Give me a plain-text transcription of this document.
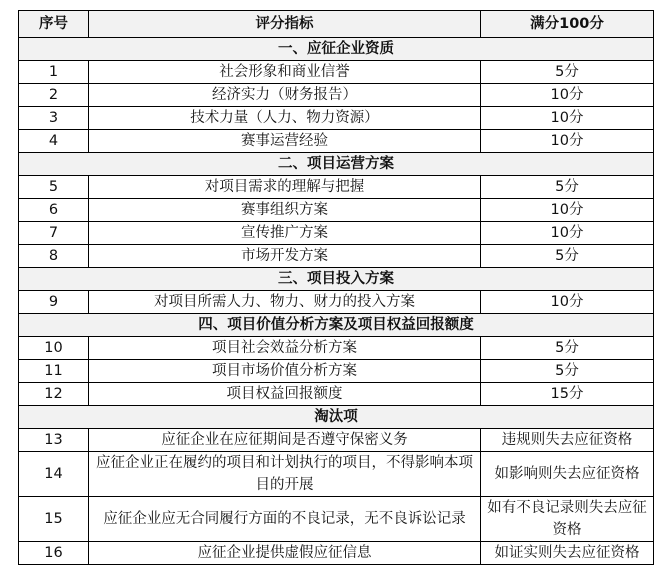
序号	评分指标	满分100分
一、应征企业资质		
1	社会形象和商业信誉	5分
2	经济实力（财务报告）	10分
3	技术力量（人力、物力资源）	10分
4	赛事运营经验	10分
二、项目运营方案		
5	对项目需求的理解与把握	5分
6	赛事组织方案	10分
7	宣传推广方案	10分
8	市场开发方案	5分
三、项目投入方案		
9	对项目所需人力、物力、财力的投入方案	10分
四、项目价值分析方案及项目权益回报额度		
10	项目社会效益分析方案	5分
11	项目市场价值分析方案	5分
12	项目权益回报额度	15分
淘汰项		
13	应征企业在应征期间是否遵守保密义务	违规则失去应征资格
14	应征企业正在履约的项目和计划执行的项目，不得影响本项目的开展	如影响则失去应征资格
15	应征企业应无合同履行方面的不良记录，无不良诉讼记录	如有不良记录则失去应征资格
16	应征企业提供虚假应征信息	如证实则失去应征资格
